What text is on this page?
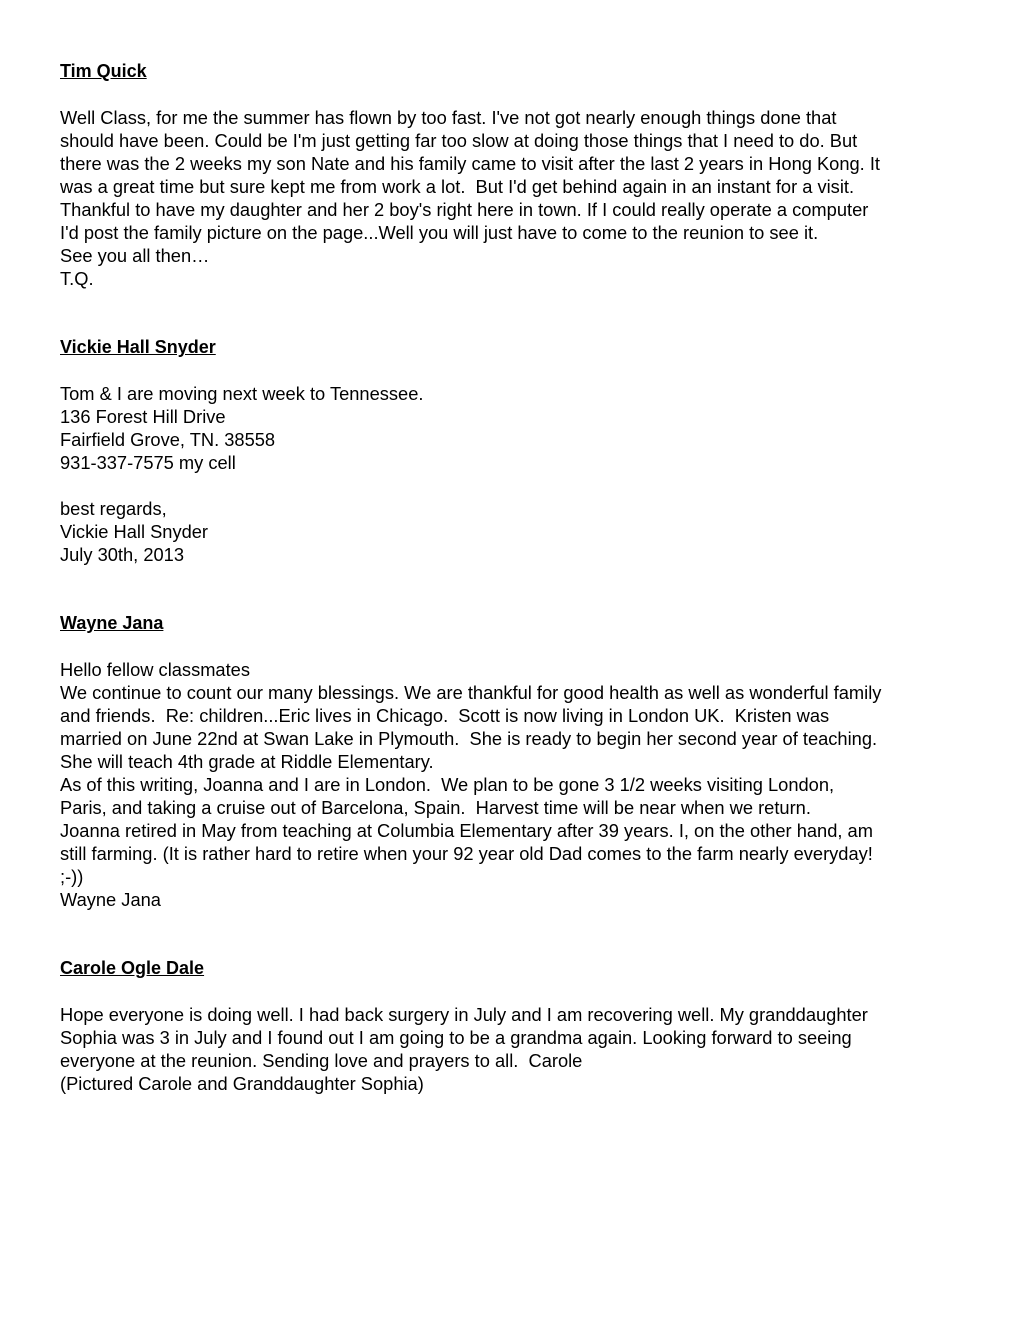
Tim Quick

Well Class, for me the summer has flown by too fast. I've not got nearly enough things done that

should have been. Could be I'm just getting far too slow at doing those things that I need to do. But

there was the 2 weeks my son Nate and his family came to visit after the last 2 years in Hong Kong. It

was a great time but sure kept me from work a lot.  But I'd get behind again in an instant for a visit.

Thankful to have my daughter and her 2 boy's right here in town. If I could really operate a computer

I'd post the family picture on the page...Well you will just have to come to the reunion to see it.

See you all then…

T.Q.

Vickie Hall Snyder

Tom & I are moving next week to Tennessee.

136 Forest Hill Drive

Fairfield Grove, TN. 38558

931-337-7575 my cell

best regards,

Vickie Hall Snyder

July 30th, 2013

Wayne Jana

Hello fellow classmates

We continue to count our many blessings. We are thankful for good health as well as wonderful family

and friends.  Re: children...Eric lives in Chicago.  Scott is now living in London UK.  Kristen was

married on June 22nd at Swan Lake in Plymouth.  She is ready to begin her second year of teaching.

She will teach 4th grade at Riddle Elementary.

As of this writing, Joanna and I are in London.  We plan to be gone 3 1/2 weeks visiting London,

Paris, and taking a cruise out of Barcelona, Spain.  Harvest time will be near when we return.

Joanna retired in May from teaching at Columbia Elementary after 39 years. I, on the other hand, am

still farming. (It is rather hard to retire when your 92 year old Dad comes to the farm nearly everyday!

;-))

Wayne Jana

Carole Ogle Dale

Hope everyone is doing well. I had back surgery in July and I am recovering well. My granddaughter

Sophia was 3 in July and I found out I am going to be a grandma again. Looking forward to seeing

everyone at the reunion. Sending love and prayers to all.  Carole

(Pictured Carole and Granddaughter Sophia)
